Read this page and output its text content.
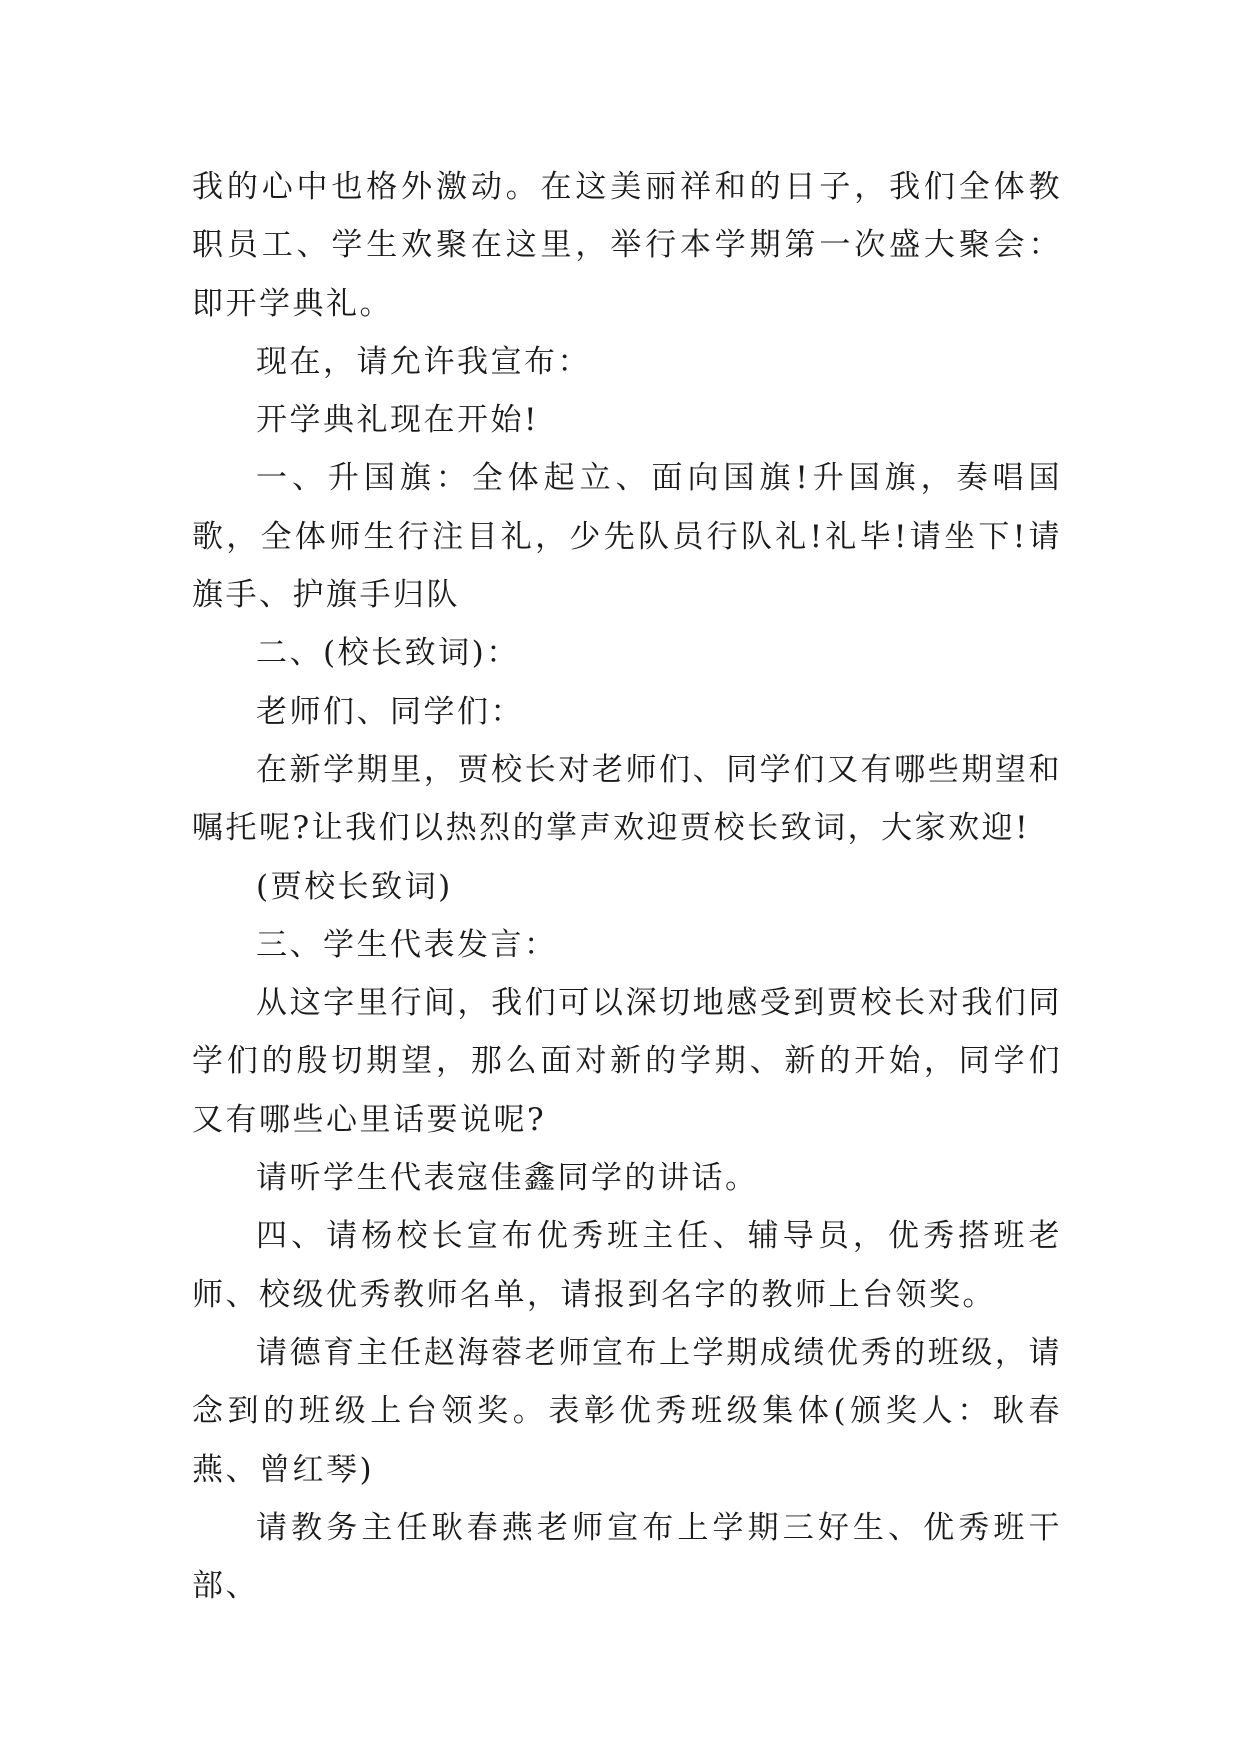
我的心中也格外激动。在这美丽祥和的日子，我们全体教职员工、学生欢聚在这里，举行本学期第一次盛大聚会：即开学典礼。

现在，请允许我宣布：

开学典礼现在开始!

一、升国旗：全体起立、面向国旗!升国旗，奏唱国歌，全体师生行注目礼，少先队员行队礼!礼毕!请坐下!请旗手、护旗手归队

二、(校长致词)：

老师们、同学们：

在新学期里，贾校长对老师们、同学们又有哪些期望和嘱托呢?让我们以热烈的掌声欢迎贾校长致词，大家欢迎!

(贾校长致词)

三、学生代表发言：

从这字里行间，我们可以深切地感受到贾校长对我们同学们的殷切期望，那么面对新的学期、新的开始，同学们又有哪些心里话要说呢?

请听学生代表寇佳鑫同学的讲话。

四、请杨校长宣布优秀班主任、辅导员，优秀搭班老师、校级优秀教师名单，请报到名字的教师上台领奖。

请德育主任赵海蓉老师宣布上学期成绩优秀的班级，请念到的班级上台领奖。表彰优秀班级集体(颁奖人：耿春燕、曾红琴)

请教务主任耿春燕老师宣布上学期三好生、优秀班干部、
